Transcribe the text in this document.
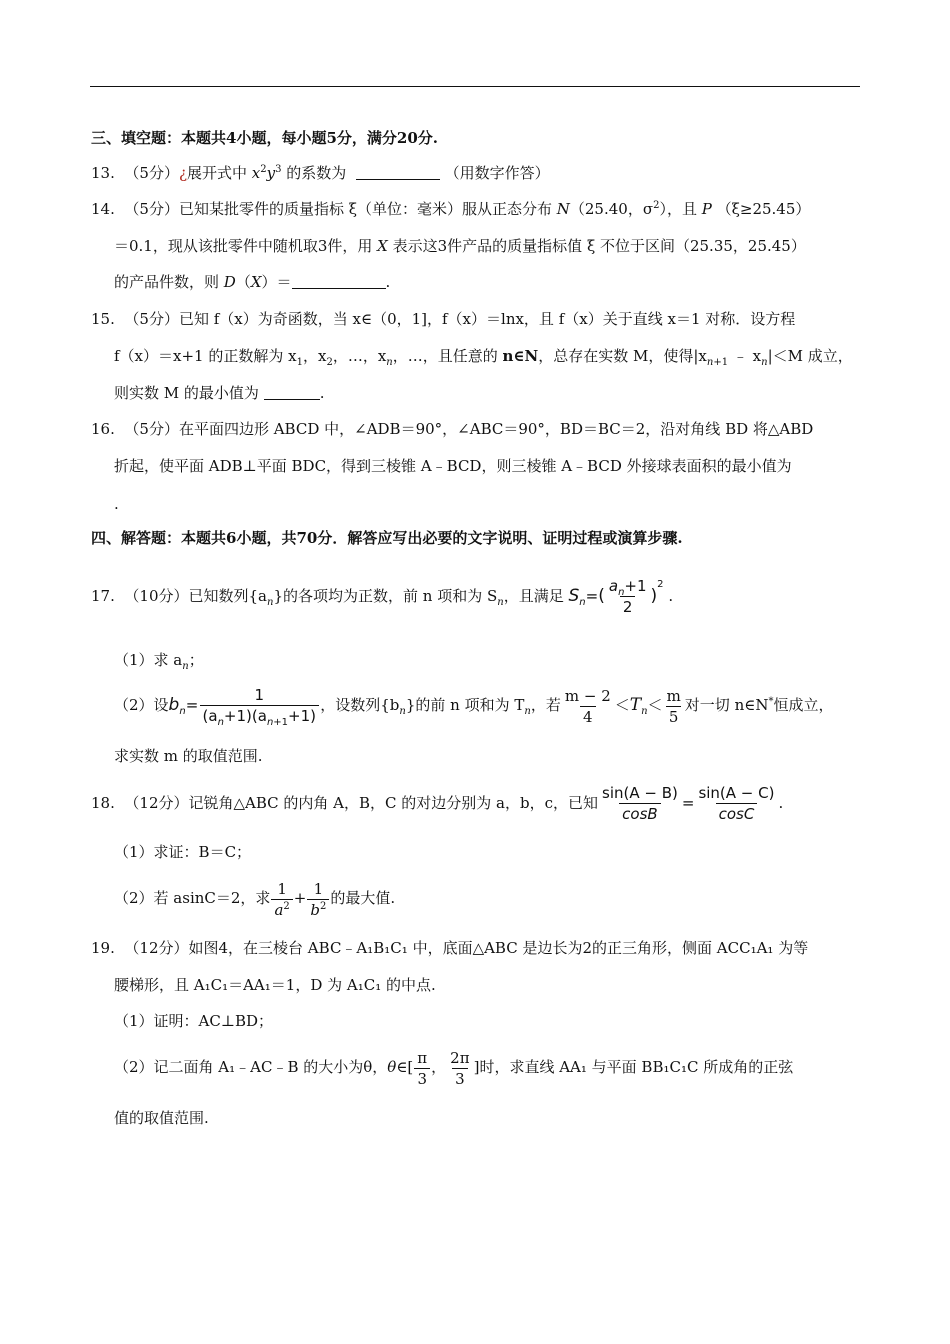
三、填空题：本题共4小题，每小题5分，满分20分.
13. （5分）¿展开式中 $x^2y^3$ 的系数为	（用数字作答）
14. （5分）已知某批零件的质量指标 ξ（单位：毫米）服从正态分布 N（25.40，$\sigma^2$），且 P （ξ≥25.45）
＝0.1，现从该批零件中随机取3件，用 X 表示这3件产品的质量指标值 ξ 不位于区间（25.35，25.45）
的产品件数，则 D（X）＝	.
15. （5分）已知 f（x）为奇函数，当 x∈（0，1]，f（x）＝lnx，且 f（x）关于直线 x＝1 对称．设方程
f（x）＝x+1 的正数解为 $x_1$，$x_2$，…，$x_n$，…，且任意的 n∈N，总存在实数 M，使得$|x_{n+1}$ ﹣ $x_n|<M$ 成立，
则实数 M 的最小值为	.
16. （5分）在平面四边形 ABCD 中，∠ADB＝90°，∠ABC＝90°，BD＝BC＝2，沿对角线 BD 将△ABD
折起，使平面 ADB⊥平面 BDC，得到三棱锥 A﹣BCD，则三棱锥 A﹣BCD 外接球表面积的最小值为
.
四、解答题：本题共6小题，共70分．解答应写出必要的文字说明、证明过程或演算步骤.
17. （10分）已知数列$\{a_n\}$的各项均为正数，前 n 项和为 $S_n$，且满足 $S_n=( \frac{a_n+1}{2} )^2$ .
（1）求 $a_n$；
（2）设$b_n= \frac{1}{(a_n+1)(a_{n+1}+1)}$ ，设数列$\{b_n\}$的前 n 项和为 $T_n$，若 $\frac{m - 2}{4} <T_n< \frac{m}{5}$ 对一切 n∈N*恒成立，
求实数 m 的取值范围.
18. （12分）记锐角△ABC 的内角 A，B，C 的对边分别为 a，b，c，已知 $\frac{\sin(A - B)}{\cos B} = \frac{\sin(A - C)}{\cos C}$ .
（1）求证：B＝C；
（2）若 asinC＝2，求 $\frac{1}{a^2} + \frac{1}{b^2}$ 的最大值.
19. （12分）如图4，在三棱台 ABC﹣A₁B₁C₁ 中，底面△ABC 是边长为2的正三角形，侧面 ACC₁A₁ 为等
腰梯形，且 A₁C₁＝AA₁＝1，D 为 A₁C₁ 的中点.
（1）证明：AC⊥BD；
（2）记二面角 A₁﹣AC﹣B 的大小为θ，θ∈[ $\frac{\pi}{3}$ ， $\frac{2\pi}{3}$ ]时，求直线 AA₁ 与平面 BB₁C₁C 所成角的正弦
值的取值范围.
